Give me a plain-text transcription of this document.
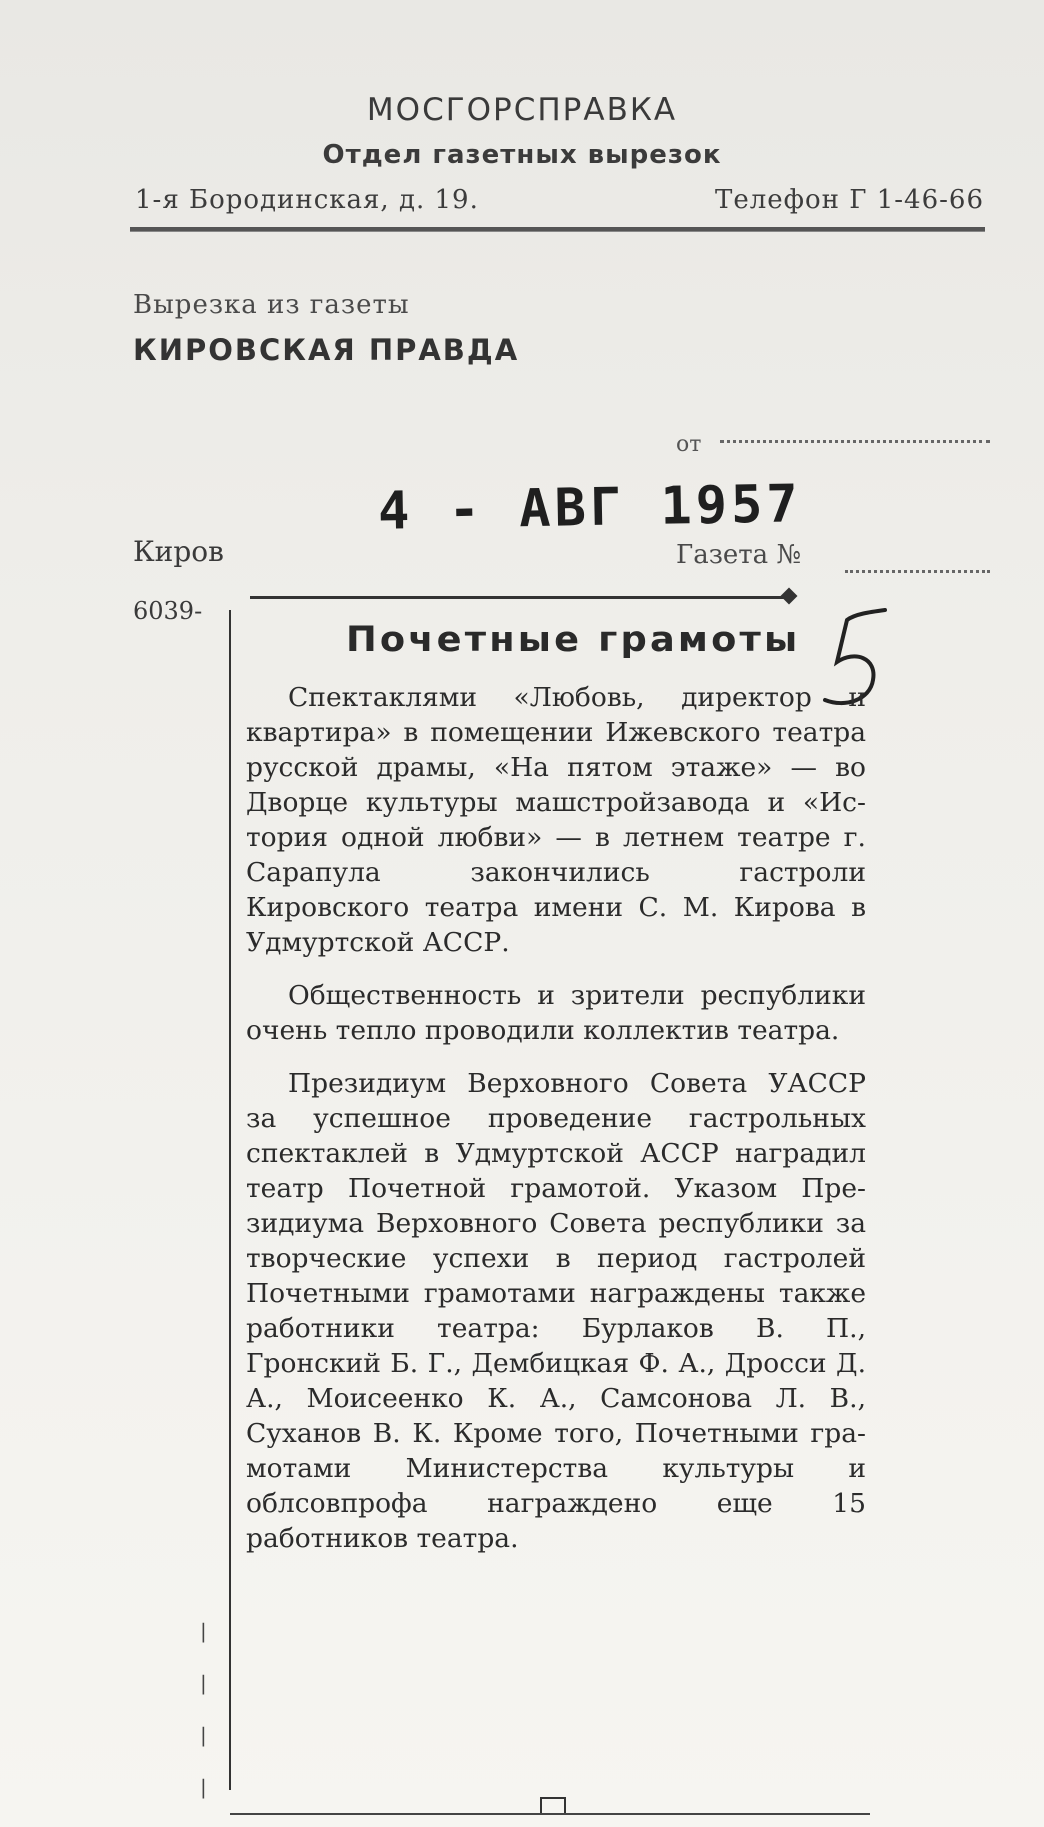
МОСГОРСПРАВКА
Отдел газетных вырезок
1-я Бородинская, д. 19.	Телефон Г 1-46-66
Вырезка из газеты
КИРОВСКАЯ ПРАВДА
от
4 - АВГ 1957
Киров	Газета №
6039-
Почетные грамоты

Спектаклями «Любовь, директор и квартира» в помещении Ижевского театра русской драмы, «На пятом этаже» — во Дворце культуры машстройзавода и «История одной любви» — в летнем театре г. Сарапула закончились гастроли Кировского театра имени С. М. Кирова в Удмуртской АССР.

Общественность и зрители республики очень тепло проводили коллектив театра.

Президиум Верховного Совета УАССР за успешное проведение гастрольных спектаклей в Удмуртской АССР наградил театр Почетной грамотой. Указом Президиума Верховного Совета республики за творческие успехи в период гастролей Почетными грамотами награждены также работники театра: Бурлаков В. П., Гронский Б. Г., Дембицкая Ф. А., Дросси Д. А., Моисеенко К. А., Самсонова Л. В., Суханов В. К. Кроме того, Почетными грамотами Министерства культуры и облсовпрофа награждено еще 15 работников театра.

|
|
|
|
